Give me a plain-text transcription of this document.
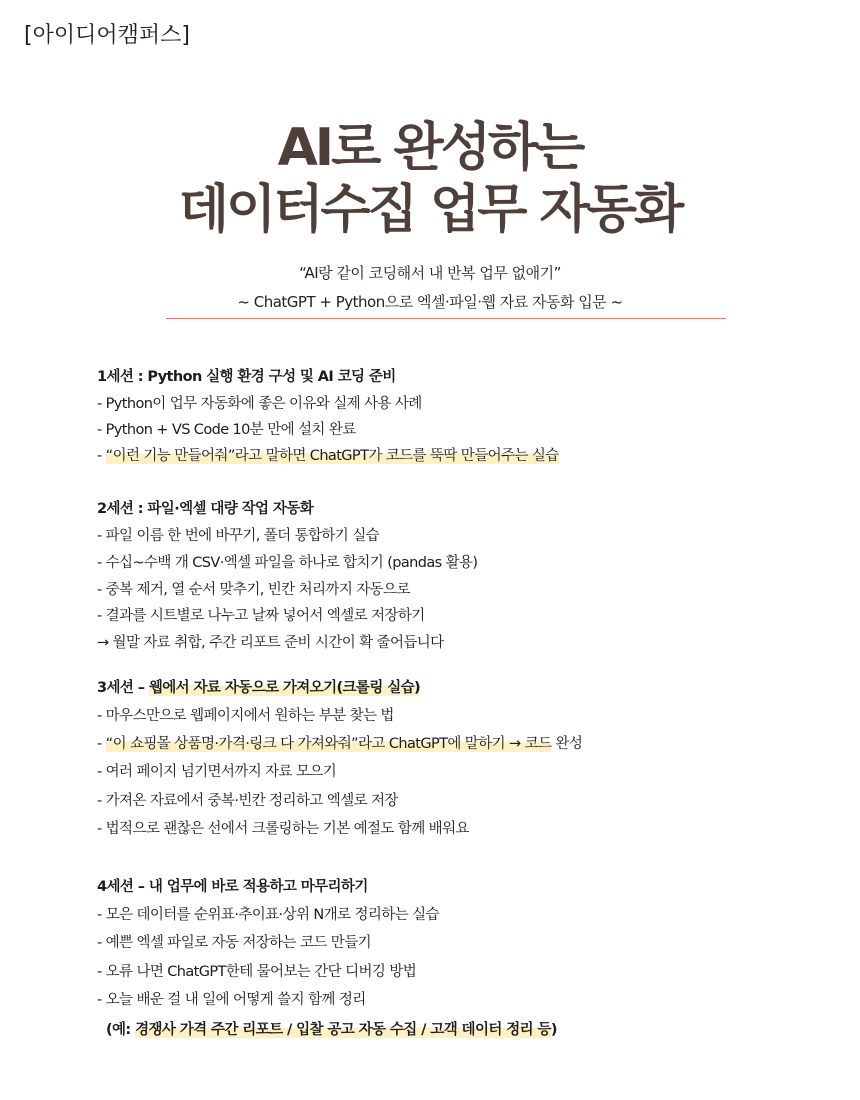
[아이디어캠퍼스]
AI로 완성하는
데이터수집 업무 자동화
“AI랑 같이 코딩해서 내 반복 업무 없애기”
~ ChatGPT + Python으로 엑셀·파일·웹 자료 자동화 입문 ~
1세션 : Python 실행 환경 구성 및 AI 코딩 준비
- Python이 업무 자동화에 좋은 이유와 실제 사용 사례
- Python + VS Code 10분 만에 설치 완료
- “이런 기능 만들어줘”라고 말하면 ChatGPT가 코드를 뚝딱 만들어주는 실습
2세션 : 파일·엑셀 대량 작업 자동화
- 파일 이름 한 번에 바꾸기, 폴더 통합하기 실습
- 수십~수백 개 CSV·엑셀 파일을 하나로 합치기 (pandas 활용)
- 중복 제거, 열 순서 맞추기, 빈칸 처리까지 자동으로
- 결과를 시트별로 나누고 날짜 넣어서 엑셀로 저장하기
→ 월말 자료 취합, 주간 리포트 준비 시간이 확 줄어듭니다
3세션 – 웹에서 자료 자동으로 가져오기(크롤링 실습)
- 마우스만으로 웹페이지에서 원하는 부분 찾는 법
- “이 쇼핑몰 상품명·가격·링크 다 가져와줘”라고 ChatGPT에 말하기 → 코드 완성
- 여러 페이지 넘기면서까지 자료 모으기
- 가져온 자료에서 중복·빈칸 정리하고 엑셀로 저장
- 법적으로 괜찮은 선에서 크롤링하는 기본 예절도 함께 배워요
4세션 – 내 업무에 바로 적용하고 마무리하기
- 모은 데이터를 순위표·추이표·상위 N개로 정리하는 실습
- 예쁜 엑셀 파일로 자동 저장하는 코드 만들기
- 오류 나면 ChatGPT한테 물어보는 간단 디버깅 방법
- 오늘 배운 걸 내 일에 어떻게 쓸지 함께 정리
(예: 경쟁사 가격 주간 리포트 / 입찰 공고 자동 수집 / 고객 데이터 정리 등)
